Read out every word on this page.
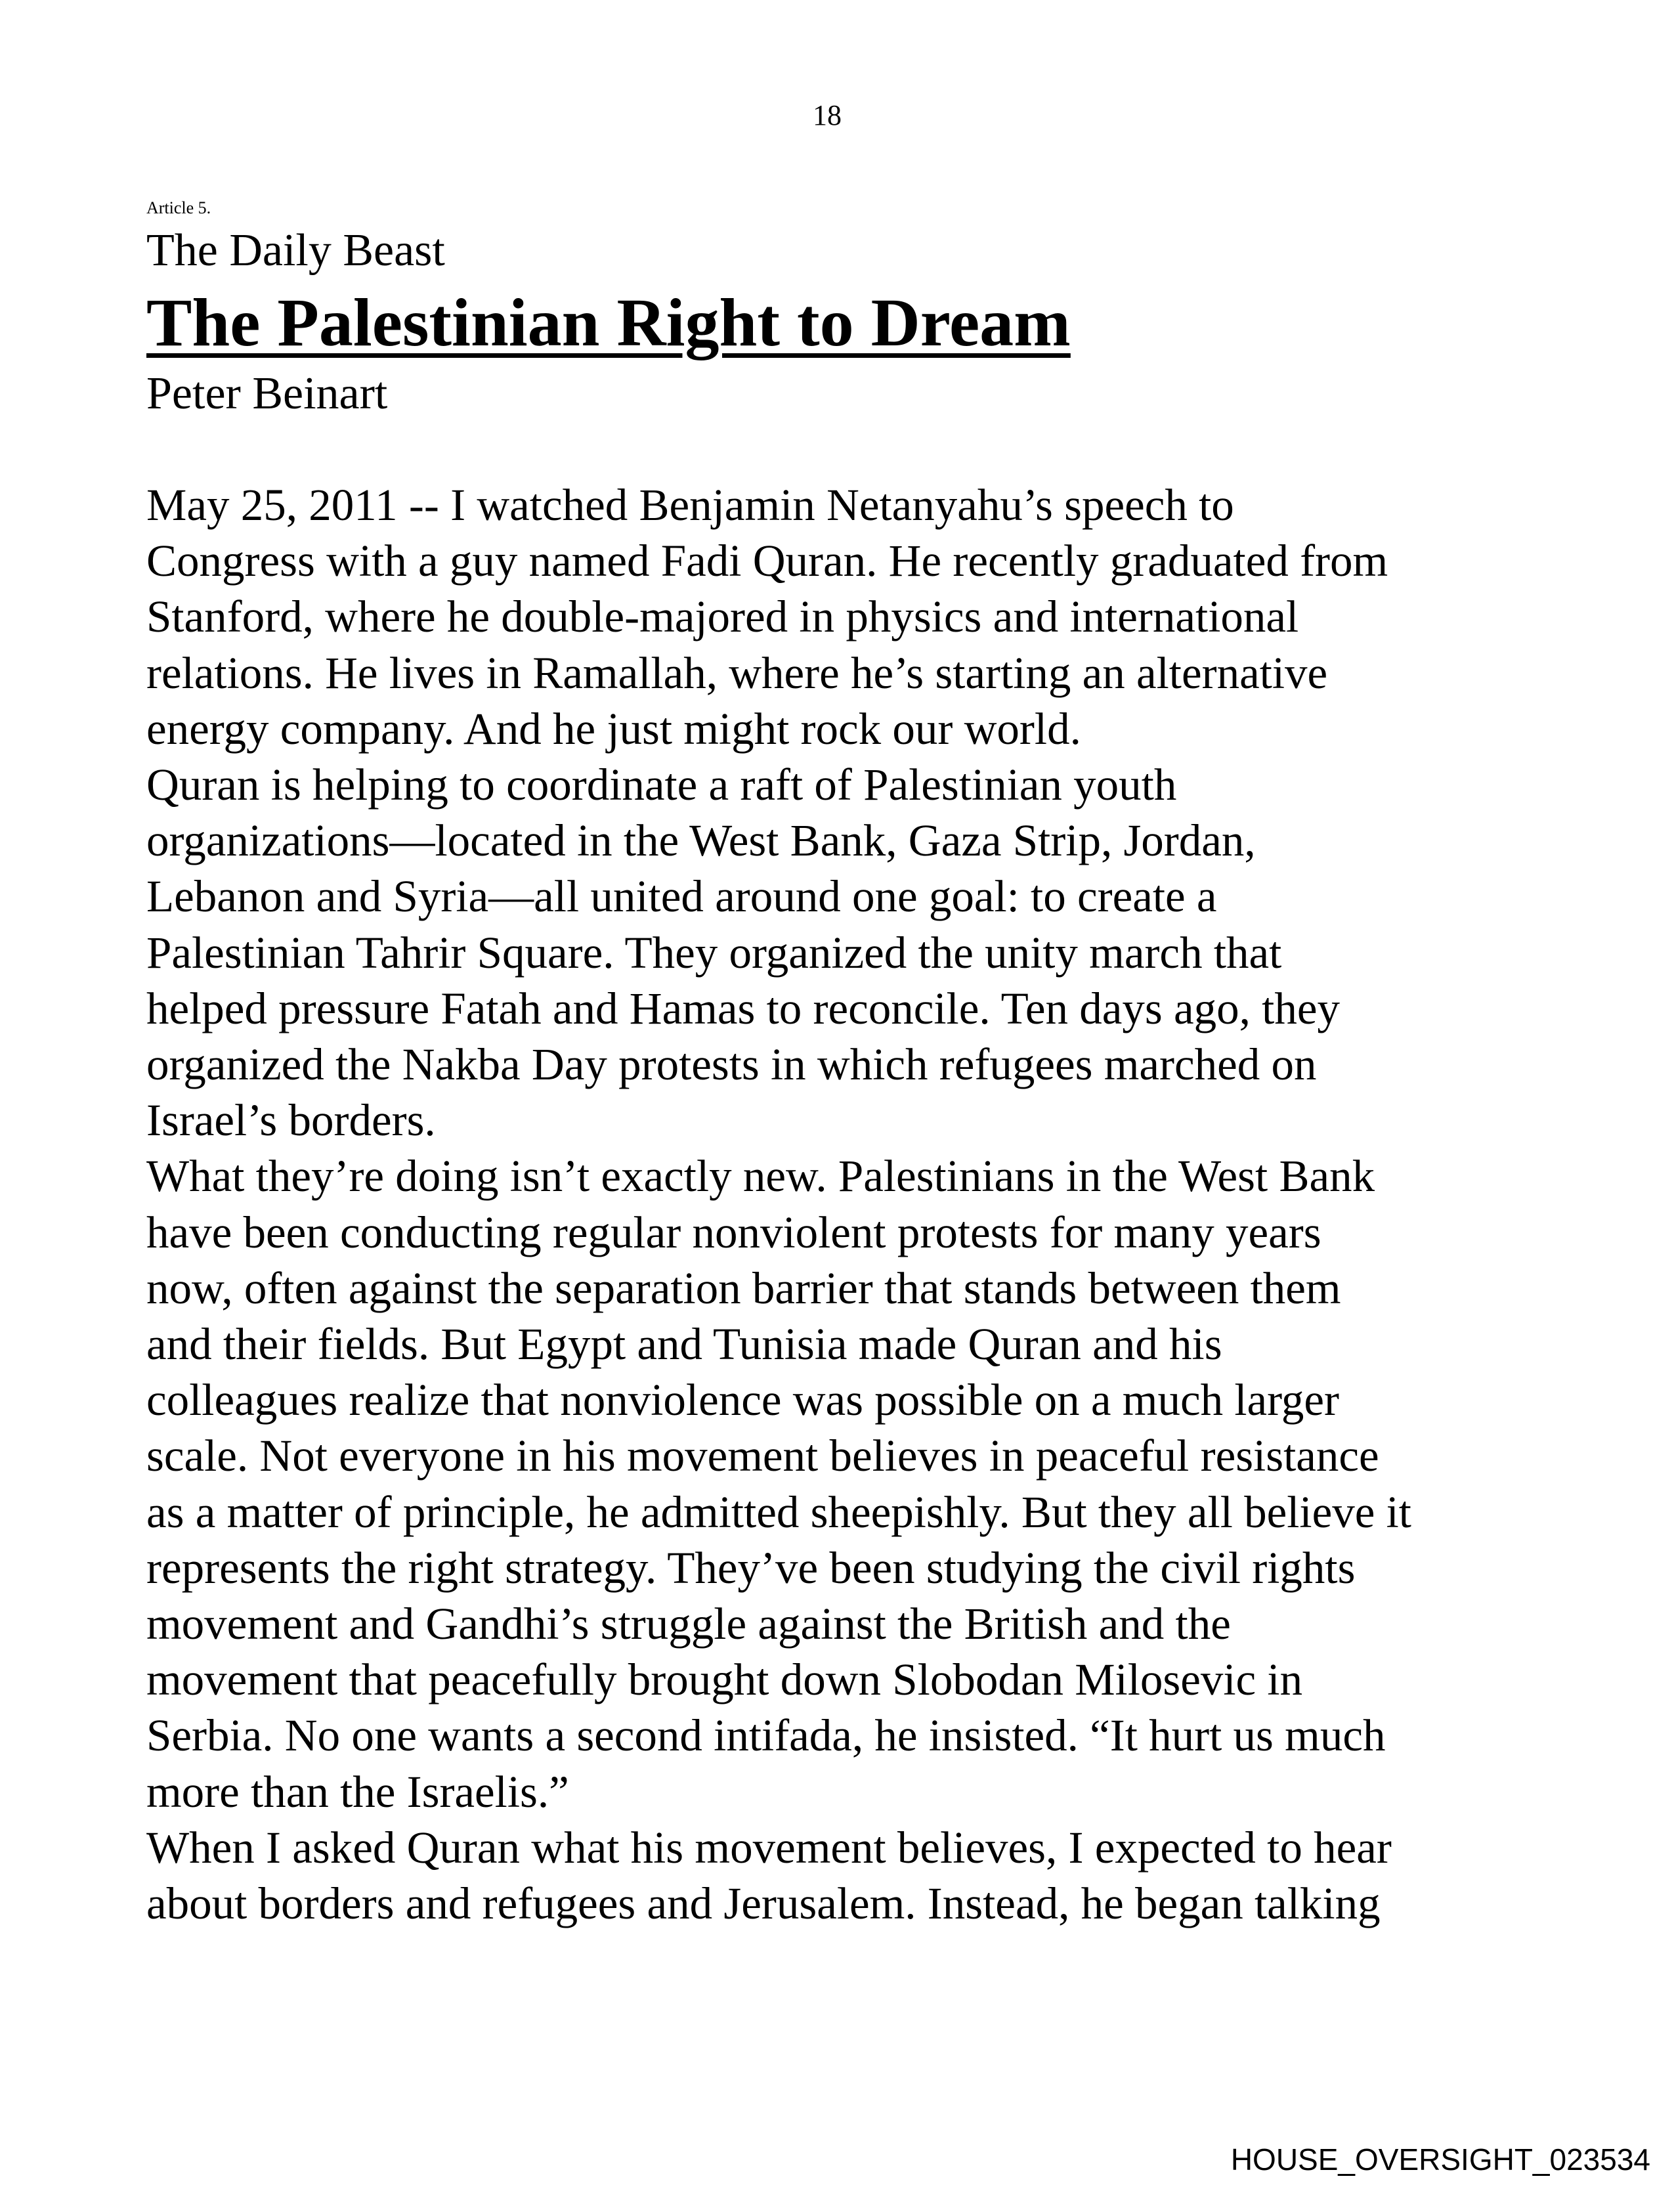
18
Article 5.
The Daily Beast
The Palestinian Right to Dream
Peter Beinart
May 25, 2011 -- I watched Benjamin Netanyahu’s speech to
Congress with a guy named Fadi Quran. He recently graduated from
Stanford, where he double-majored in physics and international
relations. He lives in Ramallah, where he’s starting an alternative
energy company. And he just might rock our world.
Quran is helping to coordinate a raft of Palestinian youth
organizations—located in the West Bank, Gaza Strip, Jordan,
Lebanon and Syria—all united around one goal: to create a
Palestinian Tahrir Square. They organized the unity march that
helped pressure Fatah and Hamas to reconcile. Ten days ago, they
organized the Nakba Day protests in which refugees marched on
Israel’s borders.
What they’re doing isn’t exactly new. Palestinians in the West Bank
have been conducting regular nonviolent protests for many years
now, often against the separation barrier that stands between them
and their fields. But Egypt and Tunisia made Quran and his
colleagues realize that nonviolence was possible on a much larger
scale. Not everyone in his movement believes in peaceful resistance
as a matter of principle, he admitted sheepishly. But they all believe it
represents the right strategy. They’ve been studying the civil rights
movement and Gandhi’s struggle against the British and the
movement that peacefully brought down Slobodan Milosevic in
Serbia. No one wants a second intifada, he insisted. “It hurt us much
more than the Israelis.”
When I asked Quran what his movement believes, I expected to hear
about borders and refugees and Jerusalem. Instead, he began talking
HOUSE_OVERSIGHT_023534
